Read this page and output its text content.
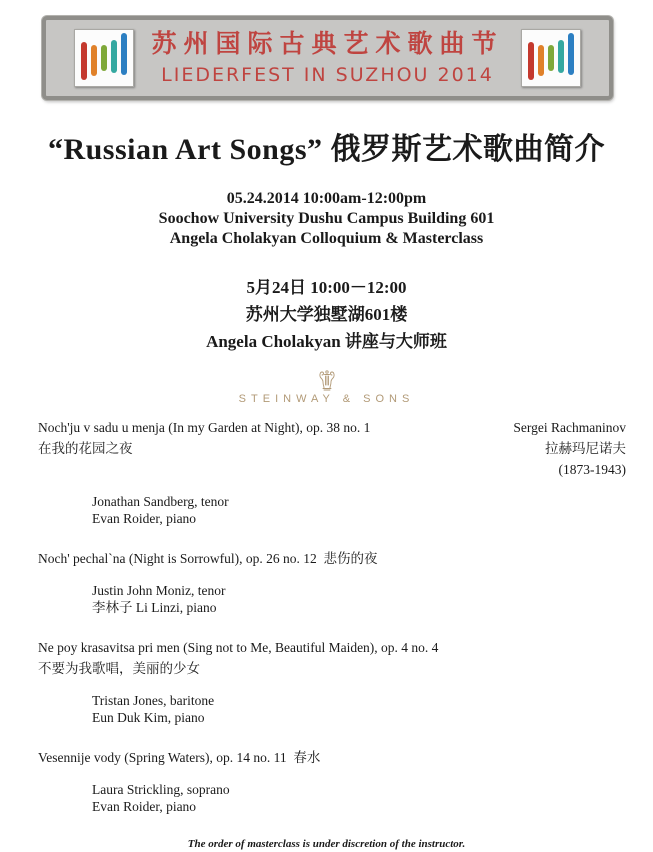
苏州国际古典艺术歌曲节
LIEDERFEST IN SUZHOU 2014
“Russian Art Songs” 俄罗斯艺术歌曲简介
05.24.2014 10:00am-12:00pm
Soochow University Dushu Campus Building 601
Angela Cholakyan Colloquium & Masterclass
5月24日 10:00－12:00
苏州大学独墅湖601楼
Angela Cholakyan 讲座与大师班
STEINWAY & SONS
Noch'ju v sadu u menja (In my Garden at Night), op. 38 no. 1
在我的花园之夜
Sergei Rachmaninov
拉赫玛尼诺夫
(1873-1943)
Jonathan Sandberg, tenor
Evan Roider, piano
Noch' pechal`na (Night is Sorrowful), op. 26 no. 12  悲伤的夜
Justin John Moniz, tenor
李林子 Li Linzi, piano
Ne poy krasavitsa pri men (Sing not to Me, Beautiful Maiden), op. 4 no. 4
不要为我歌唱，美丽的少女
Tristan Jones, baritone
Eun Duk Kim, piano
Vesennije vody (Spring Waters), op. 14 no. 11  春水
Laura Strickling, soprano
Evan Roider, piano
The order of masterclass is under discretion of the instructor.
